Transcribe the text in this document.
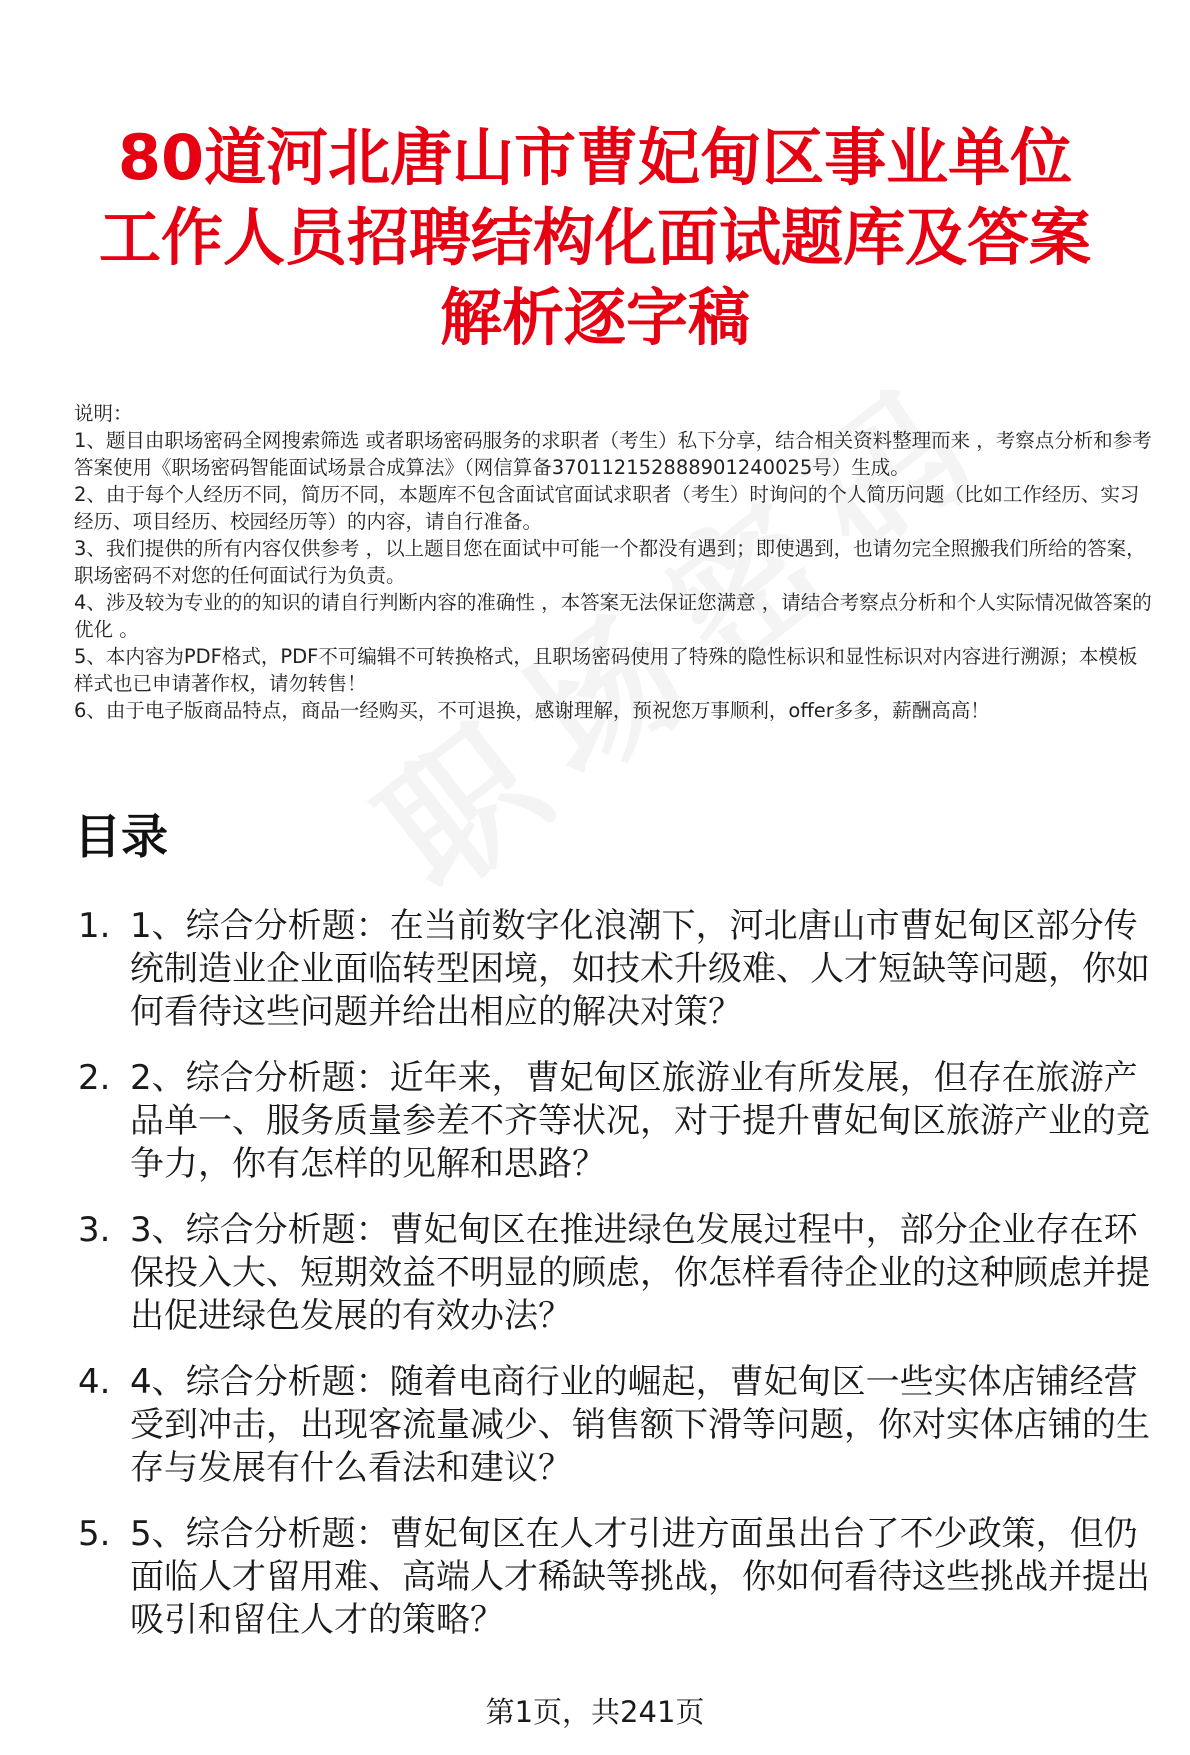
80道河北唐山市曹妃甸区事业单位工作人员招聘结构化面试题库及答案解析逐字稿

说明：

1、题目由职场密码全网搜索筛选 或者职场密码服务的求职者（考生）私下分享，结合相关资料整理而来 ，考察点分析和参考答案使用《职场密码智能面试场景合成算法》（网信算备370112152888901240025号）生成。

2、由于每个人经历不同，简历不同，本题库不包含面试官面试求职者（考生）时询问的个人简历问题（比如工作经历、实习经历、项目经历、校园经历等）的内容，请自行准备。

3、我们提供的所有内容仅供参考 ，以上题目您在面试中可能一个都没有遇到；即使遇到，也请勿完全照搬我们所给的答案，职场密码不对您的任何面试行为负责。

4、涉及较为专业的的知识的请自行判断内容的准确性 ，本答案无法保证您满意 ，请结合考察点分析和个人实际情况做答案的优化 。

5、本内容为PDF格式，PDF不可编辑不可转换格式，且职场密码使用了特殊的隐性标识和显性标识对内容进行溯源；本模板样式也已申请著作权，请勿转售！

6、由于电子版商品特点，商品一经购买，不可退换，感谢理解，预祝您万事顺利，offer多多，薪酬高高！

目录
1. 1、综合分析题：在当前数字化浪潮下，河北唐山市曹妃甸区部分传统制造业企业面临转型困境，如技术升级难、人才短缺等问题，你如何看待这些问题并给出相应的解决对策？
2. 2、综合分析题：近年来，曹妃甸区旅游业有所发展，但存在旅游产品单一、服务质量参差不齐等状况，对于提升曹妃甸区旅游产业的竞争力，你有怎样的见解和思路？
3. 3、综合分析题：曹妃甸区在推进绿色发展过程中，部分企业存在环保投入大、短期效益不明显的顾虑，你怎样看待企业的这种顾虑并提出促进绿色发展的有效办法？
4. 4、综合分析题：随着电商行业的崛起，曹妃甸区一些实体店铺经营受到冲击，出现客流量减少、销售额下滑等问题，你对实体店铺的生存与发展有什么看法和建议？
5. 5、综合分析题：曹妃甸区在人才引进方面虽出台了不少政策，但仍面临人才留用难、高端人才稀缺等挑战，你如何看待这些挑战并提出吸引和留住人才的策略？
第1页，共241页
